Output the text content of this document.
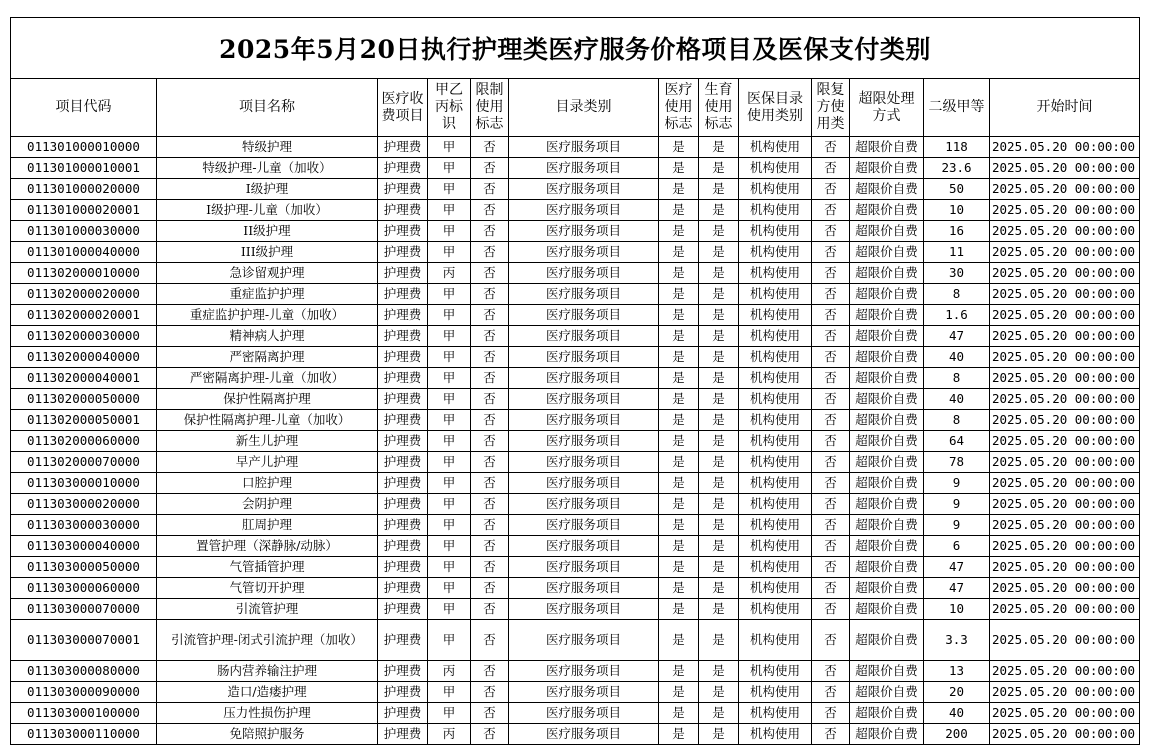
2025年5月20日执行护理类医疗服务价格项目及医保支付类别												
项目代码	项目名称	医疗收费项目	甲乙丙标识	限制使用标志	目录类别	医疗使用标志	生育使用标志	医保目录使用类别	限复方使用类	超限处理方式	二级甲等	开始时间
011301000010000	特级护理	护理费	甲	否	医疗服务项目	是	是	机构使用	否	超限价自费	118	2025.05.20 00:00:00
011301000010001	特级护理-儿童（加收）	护理费	甲	否	医疗服务项目	是	是	机构使用	否	超限价自费	23.6	2025.05.20 00:00:00
011301000020000	I级护理	护理费	甲	否	医疗服务项目	是	是	机构使用	否	超限价自费	50	2025.05.20 00:00:00
011301000020001	I级护理-儿童（加收）	护理费	甲	否	医疗服务项目	是	是	机构使用	否	超限价自费	10	2025.05.20 00:00:00
011301000030000	II级护理	护理费	甲	否	医疗服务项目	是	是	机构使用	否	超限价自费	16	2025.05.20 00:00:00
011301000040000	III级护理	护理费	甲	否	医疗服务项目	是	是	机构使用	否	超限价自费	11	2025.05.20 00:00:00
011302000010000	急诊留观护理	护理费	丙	否	医疗服务项目	是	是	机构使用	否	超限价自费	30	2025.05.20 00:00:00
011302000020000	重症监护护理	护理费	甲	否	医疗服务项目	是	是	机构使用	否	超限价自费	8	2025.05.20 00:00:00
011302000020001	重症监护护理-儿童（加收）	护理费	甲	否	医疗服务项目	是	是	机构使用	否	超限价自费	1.6	2025.05.20 00:00:00
011302000030000	精神病人护理	护理费	甲	否	医疗服务项目	是	是	机构使用	否	超限价自费	47	2025.05.20 00:00:00
011302000040000	严密隔离护理	护理费	甲	否	医疗服务项目	是	是	机构使用	否	超限价自费	40	2025.05.20 00:00:00
011302000040001	严密隔离护理-儿童（加收）	护理费	甲	否	医疗服务项目	是	是	机构使用	否	超限价自费	8	2025.05.20 00:00:00
011302000050000	保护性隔离护理	护理费	甲	否	医疗服务项目	是	是	机构使用	否	超限价自费	40	2025.05.20 00:00:00
011302000050001	保护性隔离护理-儿童（加收）	护理费	甲	否	医疗服务项目	是	是	机构使用	否	超限价自费	8	2025.05.20 00:00:00
011302000060000	新生儿护理	护理费	甲	否	医疗服务项目	是	是	机构使用	否	超限价自费	64	2025.05.20 00:00:00
011302000070000	早产儿护理	护理费	甲	否	医疗服务项目	是	是	机构使用	否	超限价自费	78	2025.05.20 00:00:00
011303000010000	口腔护理	护理费	甲	否	医疗服务项目	是	是	机构使用	否	超限价自费	9	2025.05.20 00:00:00
011303000020000	会阴护理	护理费	甲	否	医疗服务项目	是	是	机构使用	否	超限价自费	9	2025.05.20 00:00:00
011303000030000	肛周护理	护理费	甲	否	医疗服务项目	是	是	机构使用	否	超限价自费	9	2025.05.20 00:00:00
011303000040000	置管护理（深静脉/动脉）	护理费	甲	否	医疗服务项目	是	是	机构使用	否	超限价自费	6	2025.05.20 00:00:00
011303000050000	气管插管护理	护理费	甲	否	医疗服务项目	是	是	机构使用	否	超限价自费	47	2025.05.20 00:00:00
011303000060000	气管切开护理	护理费	甲	否	医疗服务项目	是	是	机构使用	否	超限价自费	47	2025.05.20 00:00:00
011303000070000	引流管护理	护理费	甲	否	医疗服务项目	是	是	机构使用	否	超限价自费	10	2025.05.20 00:00:00
011303000070001	引流管护理-闭式引流护理（加收）	护理费	甲	否	医疗服务项目	是	是	机构使用	否	超限价自费	3.3	2025.05.20 00:00:00
011303000080000	肠内营养输注护理	护理费	丙	否	医疗服务项目	是	是	机构使用	否	超限价自费	13	2025.05.20 00:00:00
011303000090000	造口/造瘘护理	护理费	甲	否	医疗服务项目	是	是	机构使用	否	超限价自费	20	2025.05.20 00:00:00
011303000100000	压力性损伤护理	护理费	甲	否	医疗服务项目	是	是	机构使用	否	超限价自费	40	2025.05.20 00:00:00
011303000110000	免陪照护服务	护理费	丙	否	医疗服务项目	是	是	机构使用	否	超限价自费	200	2025.05.20 00:00:00
